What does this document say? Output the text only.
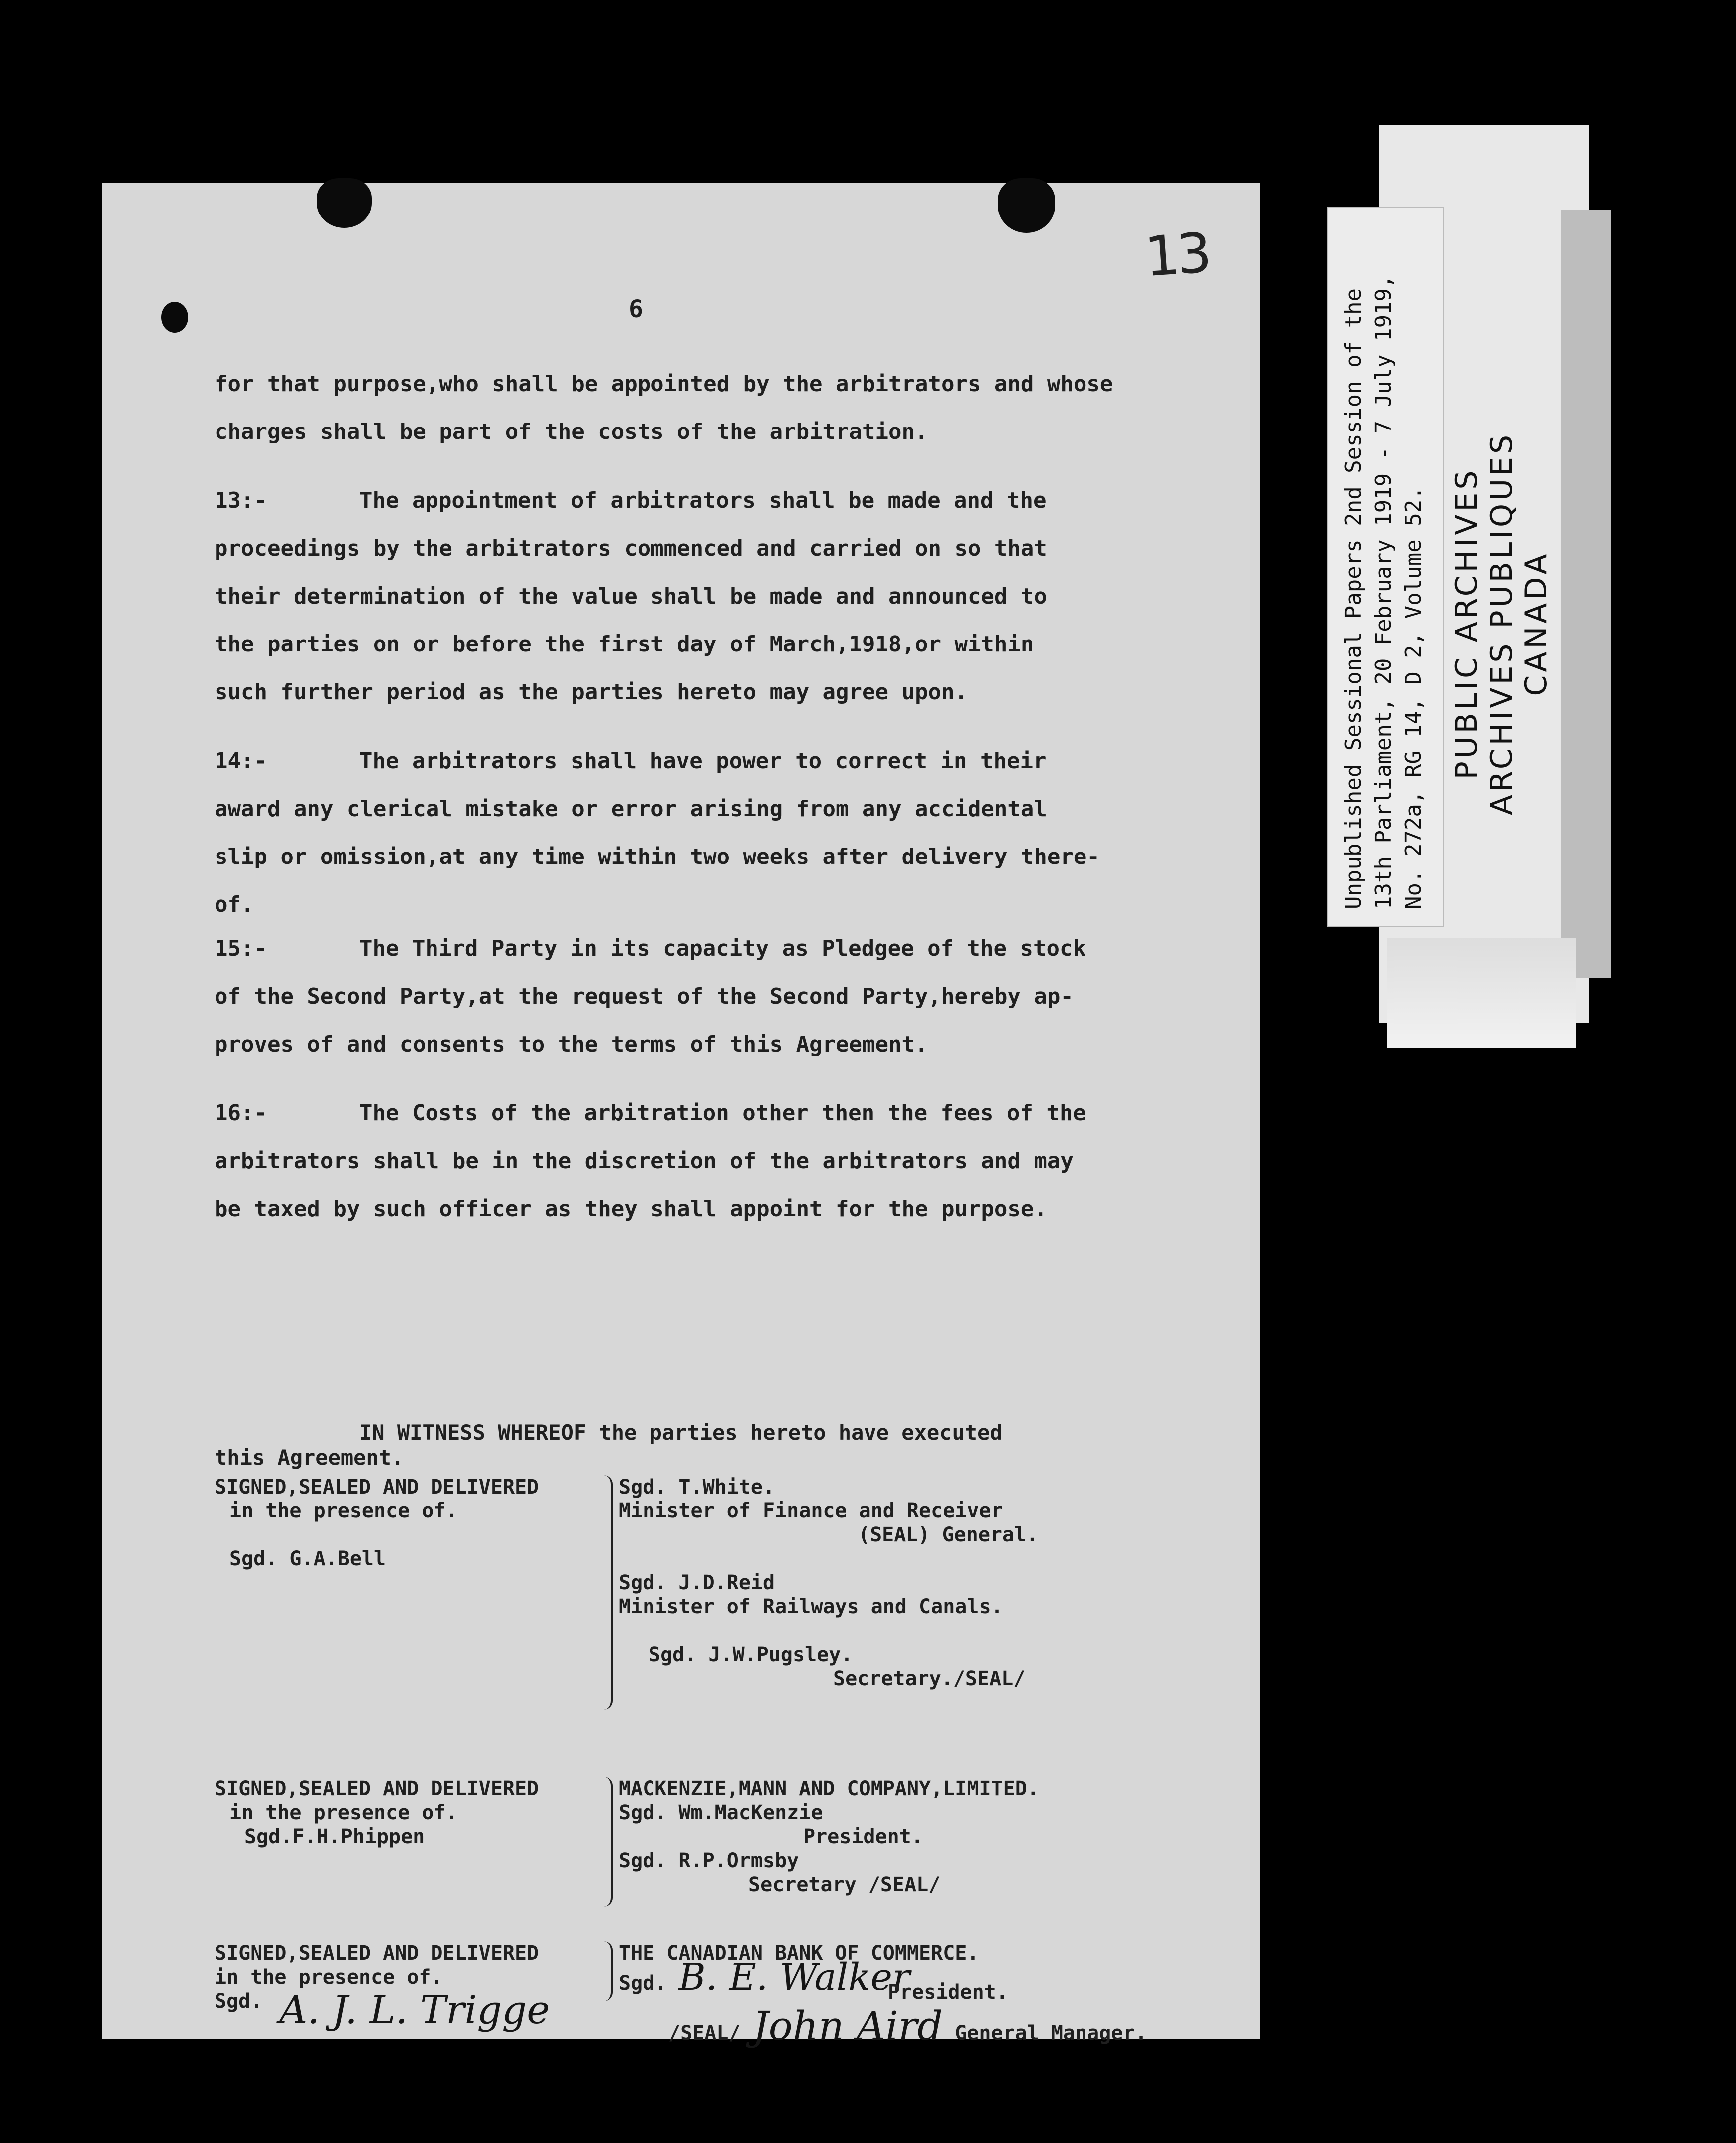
Unpublished Sessional Papers 2nd Session of the 13th Parliament, 20 February 1919 - 7 July 1919, No. 272a, RG 14, D 2, Volume 52. PUBLIC ARCHIVES ARCHIVES PUBLIQUES CANADA
13
6
for that purpose,who shall be appointed by the arbitrators and whose
charges shall be part of the costs of the arbitration.
13:-	The appointment of arbitrators shall be made and the
proceedings by the arbitrators commenced and carried on so that
their determination of the value shall be made and announced to
the parties on or before the first day of March,1918,or within
such further period as the parties hereto may agree upon.
14:-	The arbitrators shall have power to correct in their
award any clerical mistake or error arising from any accidental
slip or omission,at any time within two weeks after delivery there-
of.
15:-	The Third Party in its capacity as Pledgee of the stock
of the Second Party,at the request of the Second Party,hereby ap-
proves of and consents to the terms of this Agreement.
16:-	The Costs of the arbitration other then the fees of the
arbitrators shall be in the discretion of the arbitrators and may
be taxed by such officer as they shall appoint for the purpose.
IN WITNESS WHEREOF the parties hereto have executed
this Agreement.
SIGNED,SEALED AND DELIVERED
in the presence of.
Sgd. G.A.Bell
Sgd. T.White.
Minister of Finance and Receiver
(SEAL) General.
Sgd. J.D.Reid
Minister of Railways and Canals.
Sgd. J.W.Pugsley.
Secretary./SEAL/
SIGNED,SEALED AND DELIVERED
in the presence of.
Sgd.F.H.Phippen
MACKENZIE,MANN AND COMPANY,LIMITED.
Sgd. Wm.MacKenzie
President.
Sgd. R.P.Ormsby
Secretary /SEAL/
SIGNED,SEALED AND DELIVERED
in the presence of.
Sgd. A. J. L. Trigge
THE CANADIAN BANK OF COMMERCE.
Sgd. B. E. Walker
President.
/SEAL/ John Aird General Manager.
